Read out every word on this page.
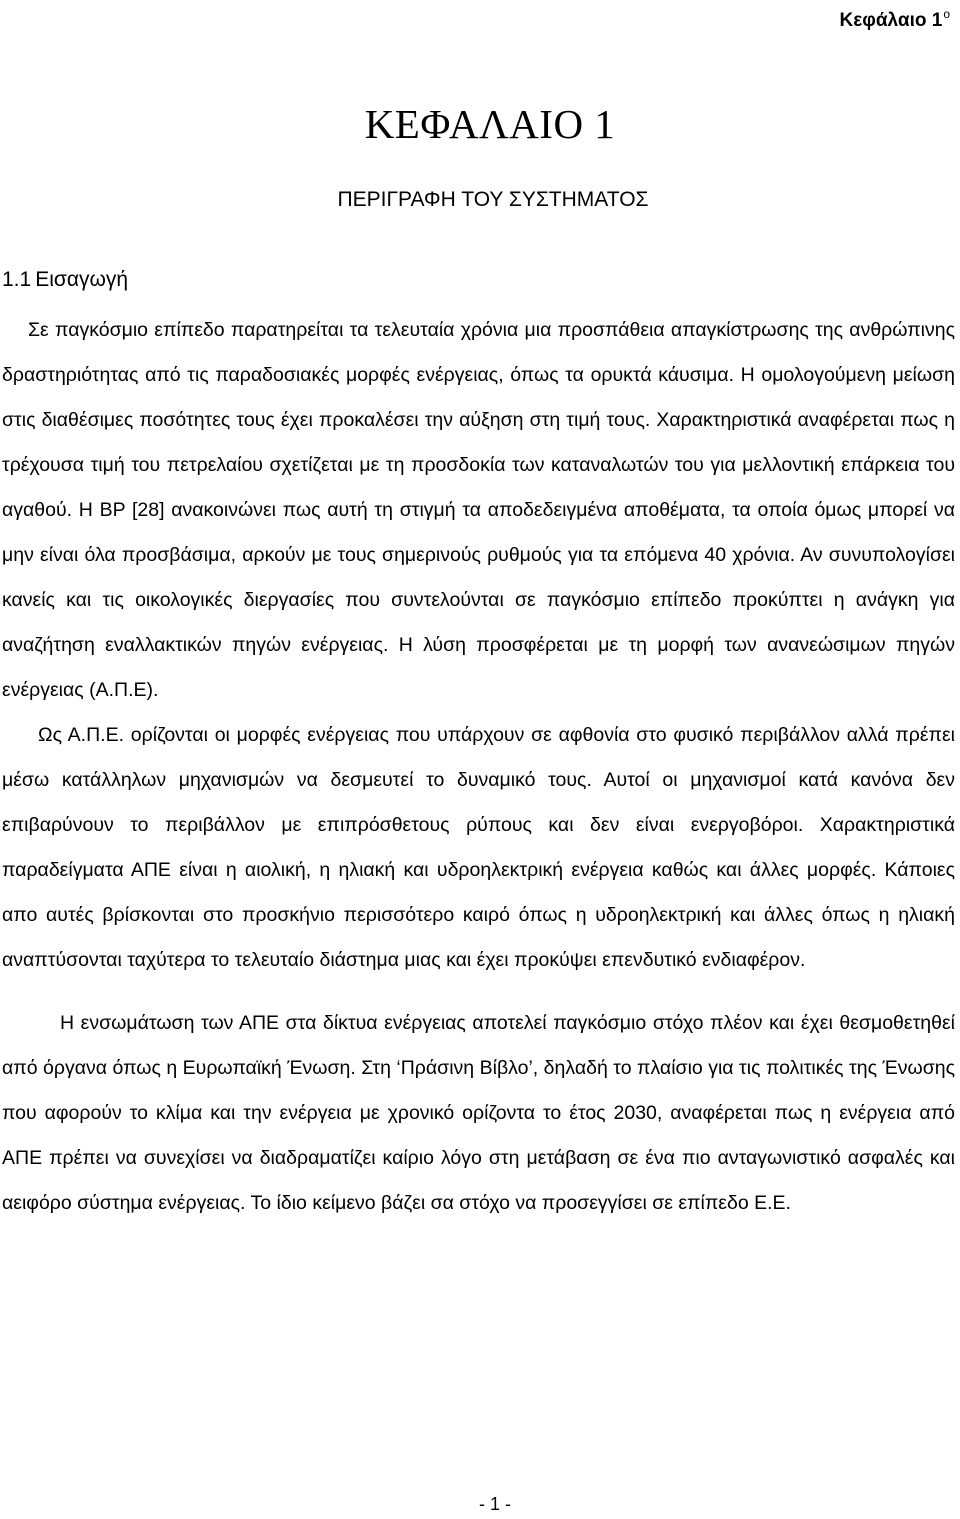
Κεφάλαιο $1^o$
ΚΕΦΑΛΑΙΟ 1
ΠΕΡΙΓΡΑΦΗ ΤΟΥ ΣΥΣΤΗΜΑΤΟΣ
1.1 Εισαγωγή

Σε παγκόσμιο επίπεδο παρατηρείται τα τελευταία χρόνια μια προσπάθεια απαγκίστρωσης της ανθρώπινης δραστηριότητας από τις παραδοσιακές μορφές ενέργειας, όπως τα ορυκτά κάυσιμα. Η ομολογούμενη μείωση στις διαθέσιμες ποσότητες τους έχει προκαλέσει την αύξηση στη τιμή τους. Χαρακτηριστικά αναφέρεται πως η τρέχουσα τιμή του πετρελαίου σχετίζεται με τη προσδοκία των καταναλωτών του για μελλοντική επάρκεια του αγαθού. Η BP [28] ανακοινώνει πως αυτή τη στιγμή τα αποδεδειγμένα αποθέματα, τα οποία όμως μπορεί να μην είναι όλα προσβάσιμα, αρκούν με τους σημερινούς ρυθμούς για τα επόμενα 40 χρόνια. Αν συνυπολογίσει κανείς και τις οικολογικές διεργασίες που συντελούνται σε παγκόσμιο επίπεδο προκύπτει η ανάγκη για αναζήτηση εναλλακτικών πηγών ενέργειας. Η λύση προσφέρεται με τη μορφή των ανανεώσιμων πηγών ενέργειας (Α.Π.Ε).

Ως Α.Π.Ε. ορίζονται οι μορφές ενέργειας που υπάρχουν σε αφθονία στο φυσικό περιβάλλον αλλά πρέπει μέσω κατάλληλων μηχανισμών να δεσμευτεί το δυναμικό τους. Αυτοί οι μηχανισμοί κατά κανόνα δεν επιβαρύνουν το περιβάλλον με επιπρόσθετους ρύπους και δεν είναι ενεργοβόροι. Χαρακτηριστικά παραδείγματα ΑΠΕ είναι η αιολική, η ηλιακή και υδροηλεκτρική ενέργεια καθώς και άλλες μορφές. Κάποιες απο αυτές βρίσκονται στο προσκήνιο περισσότερο καιρό όπως η υδροηλεκτρική και άλλες όπως η ηλιακή αναπτύσονται ταχύτερα το τελευταίο διάστημα μιας και έχει προκύψει επενδυτικό ενδιαφέρον.

Η ενσωμάτωση των ΑΠΕ στα δίκτυα ενέργειας αποτελεί παγκόσμιο στόχο πλέον και έχει θεσμοθετηθεί από όργανα όπως η Ευρωπαϊκή Ένωση. Στη ‘Πράσινη Βίβλο’, δηλαδή το πλαίσιο για τις πολιτικές της Ένωσης που αφορούν το κλίμα και την ενέργεια με χρονικό ορίζοντα το έτος 2030, αναφέρεται πως η ενέργεια από ΑΠΕ πρέπει να συνεχίσει να διαδραματίζει καίριο λόγο στη μετάβαση σε ένα πιο ανταγωνιστικό ασφαλές και αειφόρο σύστημα ενέργειας. Το ίδιο κείμενο βάζει σα στόχο να προσεγγίσει σε επίπεδο Ε.Ε.

- 1 -
